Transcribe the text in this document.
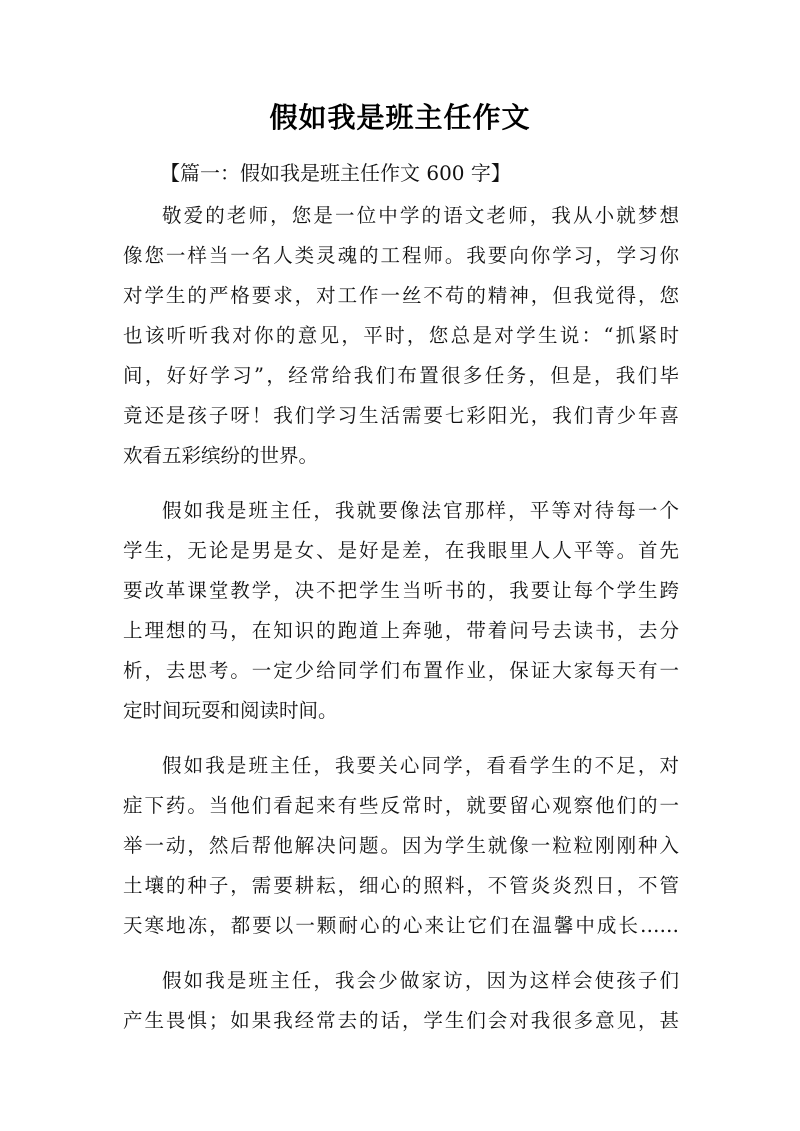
假如我是班主任作文

【篇一：假如我是班主任作文 600 字】

敬爱的老师，您是一位中学的语文老师，我从小就梦想
像您一样当一名人类灵魂的工程师。我要向你学习，学习你
对学生的严格要求，对工作一丝不苟的精神，但我觉得，您
也该听听我对你的意见，平时，您总是对学生说：“抓紧时
间，好好学习”，经常给我们布置很多任务，但是，我们毕
竟还是孩子呀！我们学习生活需要七彩阳光，我们青少年喜
欢看五彩缤纷的世界。

假如我是班主任，我就要像法官那样，平等对待每一个
学生，无论是男是女、是好是差，在我眼里人人平等。首先
要改革课堂教学，决不把学生当听书的，我要让每个学生跨
上理想的马，在知识的跑道上奔驰，带着问号去读书，去分
析，去思考。一定少给同学们布置作业，保证大家每天有一
定时间玩耍和阅读时间。

假如我是班主任，我要关心同学，看看学生的不足，对
症下药。当他们看起来有些反常时，就要留心观察他们的一
举一动，然后帮他解决问题。因为学生就像一粒粒刚刚种入
土壤的种子，需要耕耘，细心的照料，不管炎炎烈日，不管
天寒地冻，都要以一颗耐心的心来让它们在温馨中成长……

假如我是班主任，我会少做家访，因为这样会使孩子们
产生畏惧；如果我经常去的话，学生们会对我很多意见，甚
